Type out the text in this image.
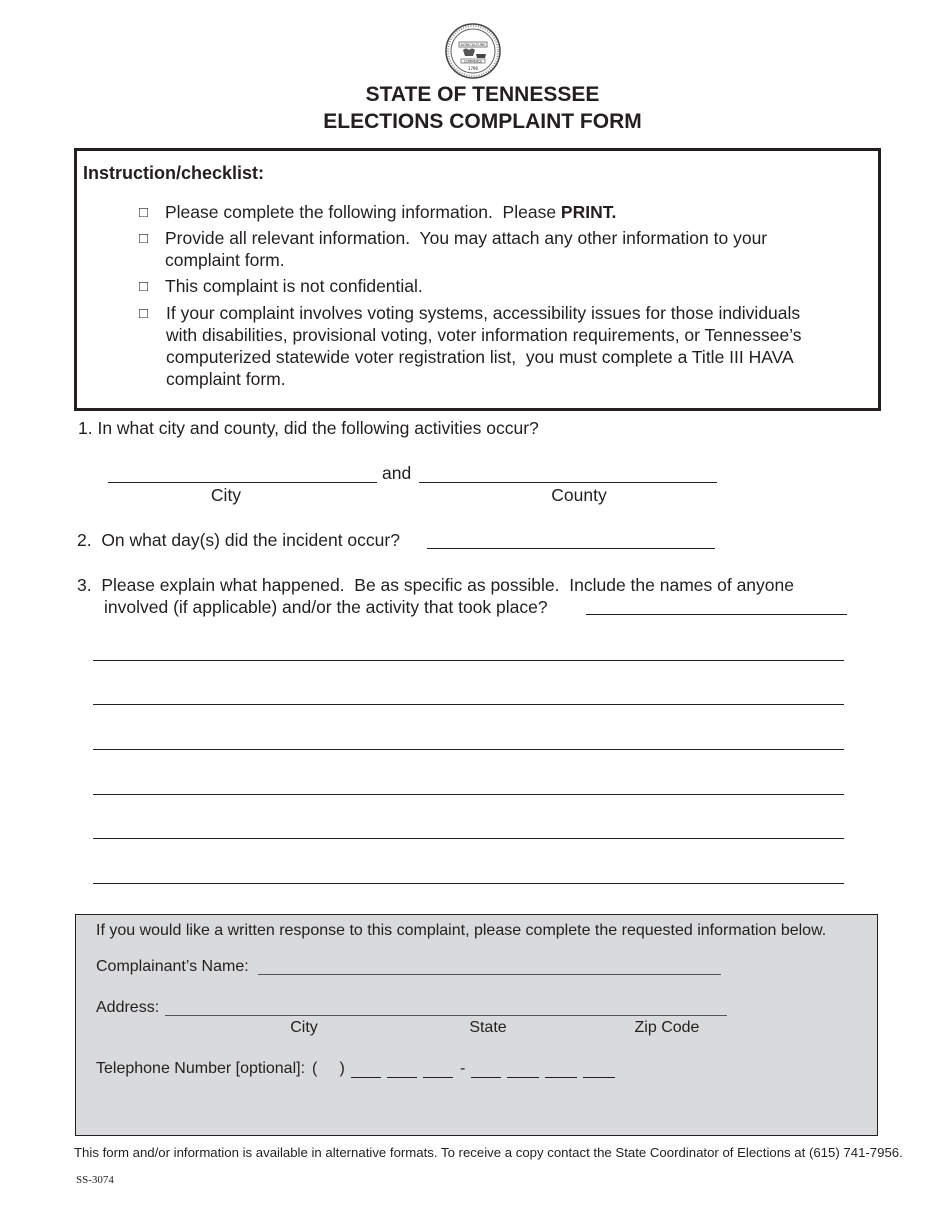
AGRICULTURE
COMMERCE
1796
STATE OF TENNESSEE
ELECTIONS COMPLAINT FORM
Instruction/checklist:
□ Please complete the following information.  Please PRINT.
□ Provide all relevant information.  You may attach any other information to your
complaint form.
□ This complaint is not confidential.
□ If your complaint involves voting systems, accessibility issues for those individuals
with disabilities, provisional voting, voter information requirements, or Tennessee’s
computerized statewide voter registration list,  you must complete a Title III HAVA
complaint form.
1. In what city and county, did the following activities occur?
and
City	County
2.  On what day(s) did the incident occur?
3.  Please explain what happened.  Be as specific as possible.  Include the names of anyone
involved (if applicable) and/or the activity that took place?
If you would like a written response to this complaint, please complete the requested information below.
Complainant’s Name:
Address:
City	State	Zip Code
Telephone Number [optional]: (     )	-
This form and/or information is available in alternative formats. To receive a copy contact the State Coordinator of Elections at (615) 741-7956.
SS-3074
